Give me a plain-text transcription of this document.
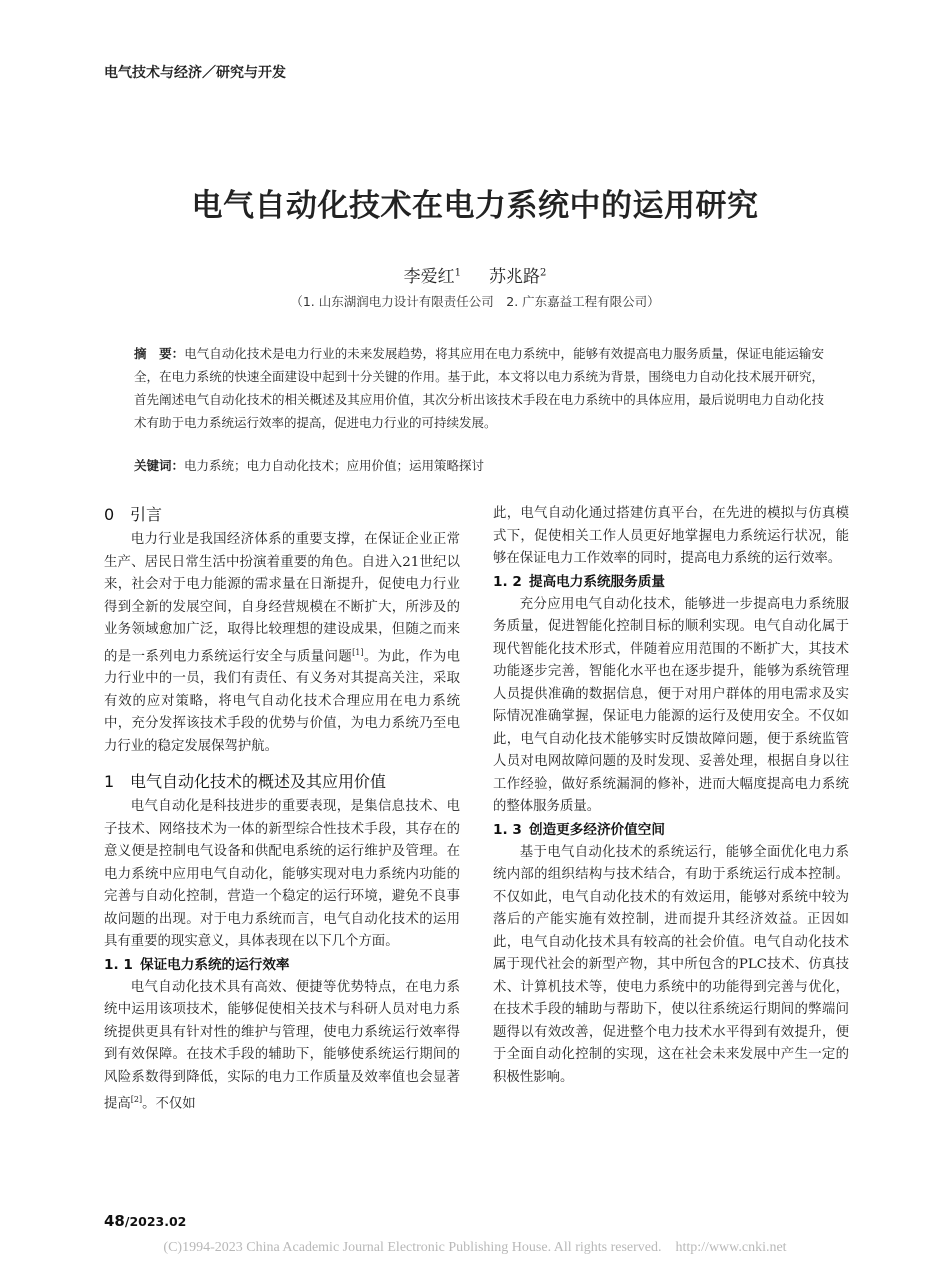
电气技术与经济／研究与开发
电气自动化技术在电力系统中的运用研究
李爱红$^1$ 苏兆路$^2$
（1. 山东湖润电力设计有限责任公司　2. 广东嘉益工程有限公司）
摘　要：电气自动化技术是电力行业的未来发展趋势，将其应用在电力系统中，能够有效提高电力服务质量，保证电能运输安全，在电力系统的快速全面建设中起到十分关键的作用。基于此，本文将以电力系统为背景，围绕电力自动化技术展开研究，首先阐述电气自动化技术的相关概述及其应用价值，其次分析出该技术手段在电力系统中的具体应用，最后说明电力自动化技术有助于电力系统运行效率的提高，促进电力行业的可持续发展。
关键词：电力系统；电力自动化技术；应用价值；运用策略探讨
0 引言

电力行业是我国经济体系的重要支撑，在保证企业正常生产、居民日常生活中扮演着重要的角色。自进入21世纪以来，社会对于电力能源的需求量在日渐提升，促使电力行业得到全新的发展空间，自身经营规模在不断扩大，所涉及的业务领域愈加广泛，取得比较理想的建设成果，但随之而来的是一系列电力系统运行安全与质量问题[1]。为此，作为电力行业中的一员，我们有责任、有义务对其提高关注，采取有效的应对策略，将电气自动化技术合理应用在电力系统中，充分发挥该技术手段的优势与价值，为电力系统乃至电力行业的稳定发展保驾护航。

1 电气自动化技术的概述及其应用价值

电气自动化是科技进步的重要表现，是集信息技术、电子技术、网络技术为一体的新型综合性技术手段，其存在的意义便是控制电气设备和供配电系统的运行维护及管理。在电力系统中应用电气自动化，能够实现对电力系统内功能的完善与自动化控制，营造一个稳定的运行环境，避免不良事故问题的出现。对于电力系统而言，电气自动化技术的运用具有重要的现实意义，具体表现在以下几个方面。

1. 1 保证电力系统的运行效率

电气自动化技术具有高效、便捷等优势特点，在电力系统中运用该项技术，能够促使相关技术与科研人员对电力系统提供更具有针对性的维护与管理，使电力系统运行效率得到有效保障。在技术手段的辅助下，能够使系统运行期间的风险系数得到降低，实际的电力工作质量及效率值也会显著提高[2]。不仅如

此，电气自动化通过搭建仿真平台，在先进的模拟与仿真模式下，促使相关工作人员更好地掌握电力系统运行状况，能够在保证电力工作效率的同时，提高电力系统的运行效率。

1. 2 提高电力系统服务质量

充分应用电气自动化技术，能够进一步提高电力系统服务质量，促进智能化控制目标的顺利实现。电气自动化属于现代智能化技术形式，伴随着应用范围的不断扩大，其技术功能逐步完善，智能化水平也在逐步提升，能够为系统管理人员提供准确的数据信息，便于对用户群体的用电需求及实际情况准确掌握，保证电力能源的运行及使用安全。不仅如此，电气自动化技术能够实时反馈故障问题，便于系统监管人员对电网故障问题的及时发现、妥善处理，根据自身以往工作经验，做好系统漏洞的修补，进而大幅度提高电力系统的整体服务质量。

1. 3 创造更多经济价值空间

基于电气自动化技术的系统运行，能够全面优化电力系统内部的组织结构与技术结合，有助于系统运行成本控制。不仅如此，电气自动化技术的有效运用，能够对系统中较为落后的产能实施有效控制，进而提升其经济效益。正因如此，电气自动化技术具有较高的社会价值。电气自动化技术属于现代社会的新型产物，其中所包含的PLC技术、仿真技术、计算机技术等，使电力系统中的功能得到完善与优化，在技术手段的辅助与帮助下，使以往系统运行期间的弊端问题得以有效改善，促进整个电力技术水平得到有效提升，便于全面自动化控制的实现，这在社会未来发展中产生一定的积极性影响。

48/2023.02
(C)1994-2023 China Academic Journal Electronic Publishing House. All rights reserved.　http://www.cnki.net
